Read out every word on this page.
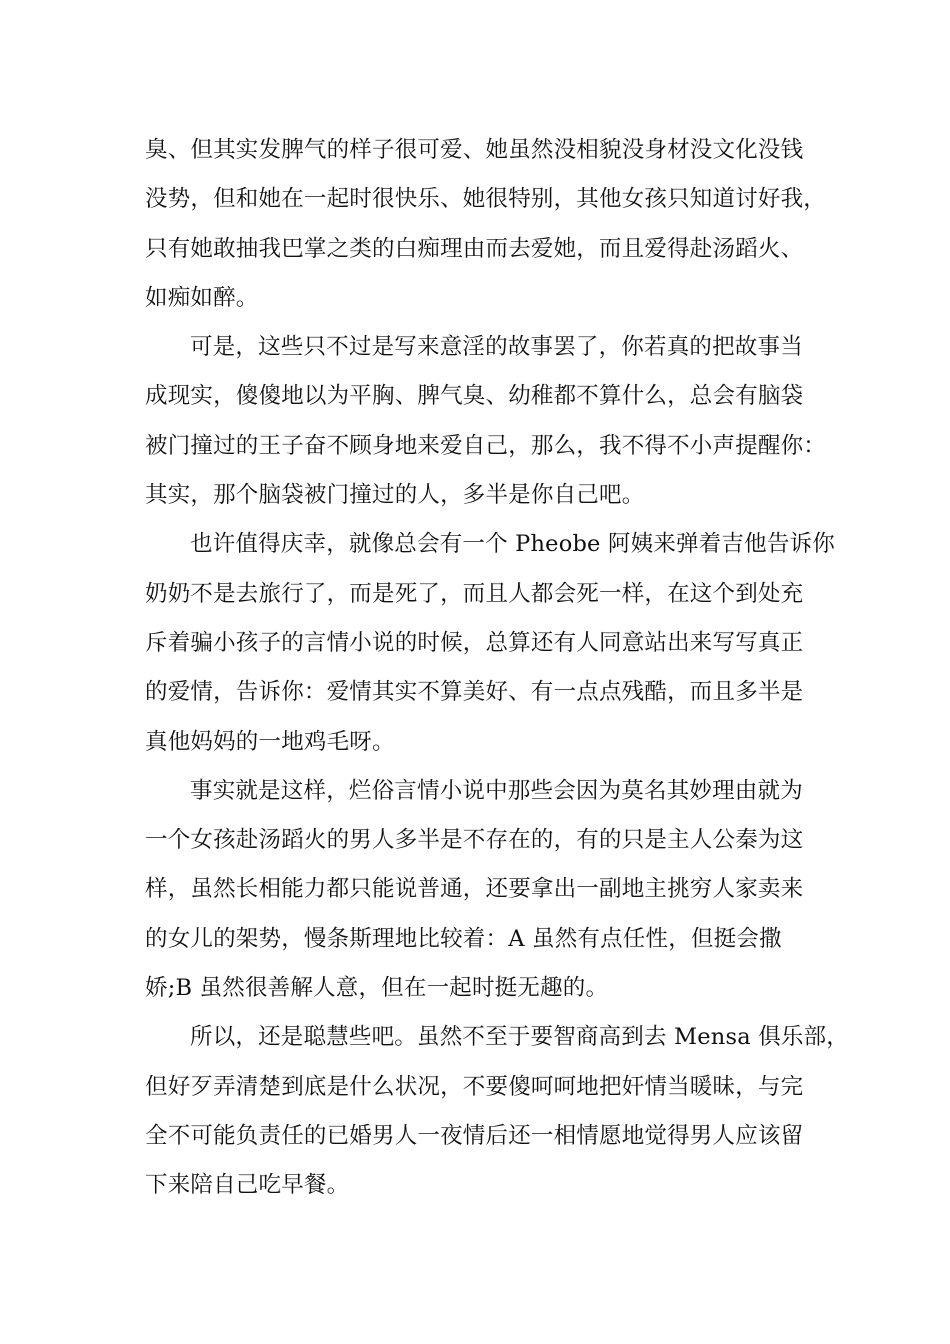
臭、但其实发脾气的样子很可爱、她虽然没相貌没身材没文化没钱
没势，但和她在一起时很快乐、她很特别，其他女孩只知道讨好我，
只有她敢抽我巴掌之类的白痴理由而去爱她，而且爱得赴汤蹈火、
如痴如醉。

可是，这些只不过是写来意淫的故事罢了，你若真的把故事当
成现实，傻傻地以为平胸、脾气臭、幼稚都不算什么，总会有脑袋
被门撞过的王子奋不顾身地来爱自己，那么，我不得不小声提醒你：
其实，那个脑袋被门撞过的人，多半是你自己吧。

也许值得庆幸，就像总会有一个 Pheobe 阿姨来弹着吉他告诉你
奶奶不是去旅行了，而是死了，而且人都会死一样，在这个到处充
斥着骗小孩子的言情小说的时候，总算还有人同意站出来写写真正
的爱情，告诉你：爱情其实不算美好、有一点点残酷，而且多半是
真他妈妈的一地鸡毛呀。

事实就是这样，烂俗言情小说中那些会因为莫名其妙理由就为
一个女孩赴汤蹈火的男人多半是不存在的，有的只是主人公秦为这
样，虽然长相能力都只能说普通，还要拿出一副地主挑穷人家卖来
的女儿的架势，慢条斯理地比较着：A 虽然有点任性，但挺会撒
娇;B 虽然很善解人意，但在一起时挺无趣的。

所以，还是聪慧些吧。虽然不至于要智商高到去 Mensa 俱乐部，
但好歹弄清楚到底是什么状况，不要傻呵呵地把奸情当暖昧，与完
全不可能负责任的已婚男人一夜情后还一相情愿地觉得男人应该留
下来陪自己吃早餐。
